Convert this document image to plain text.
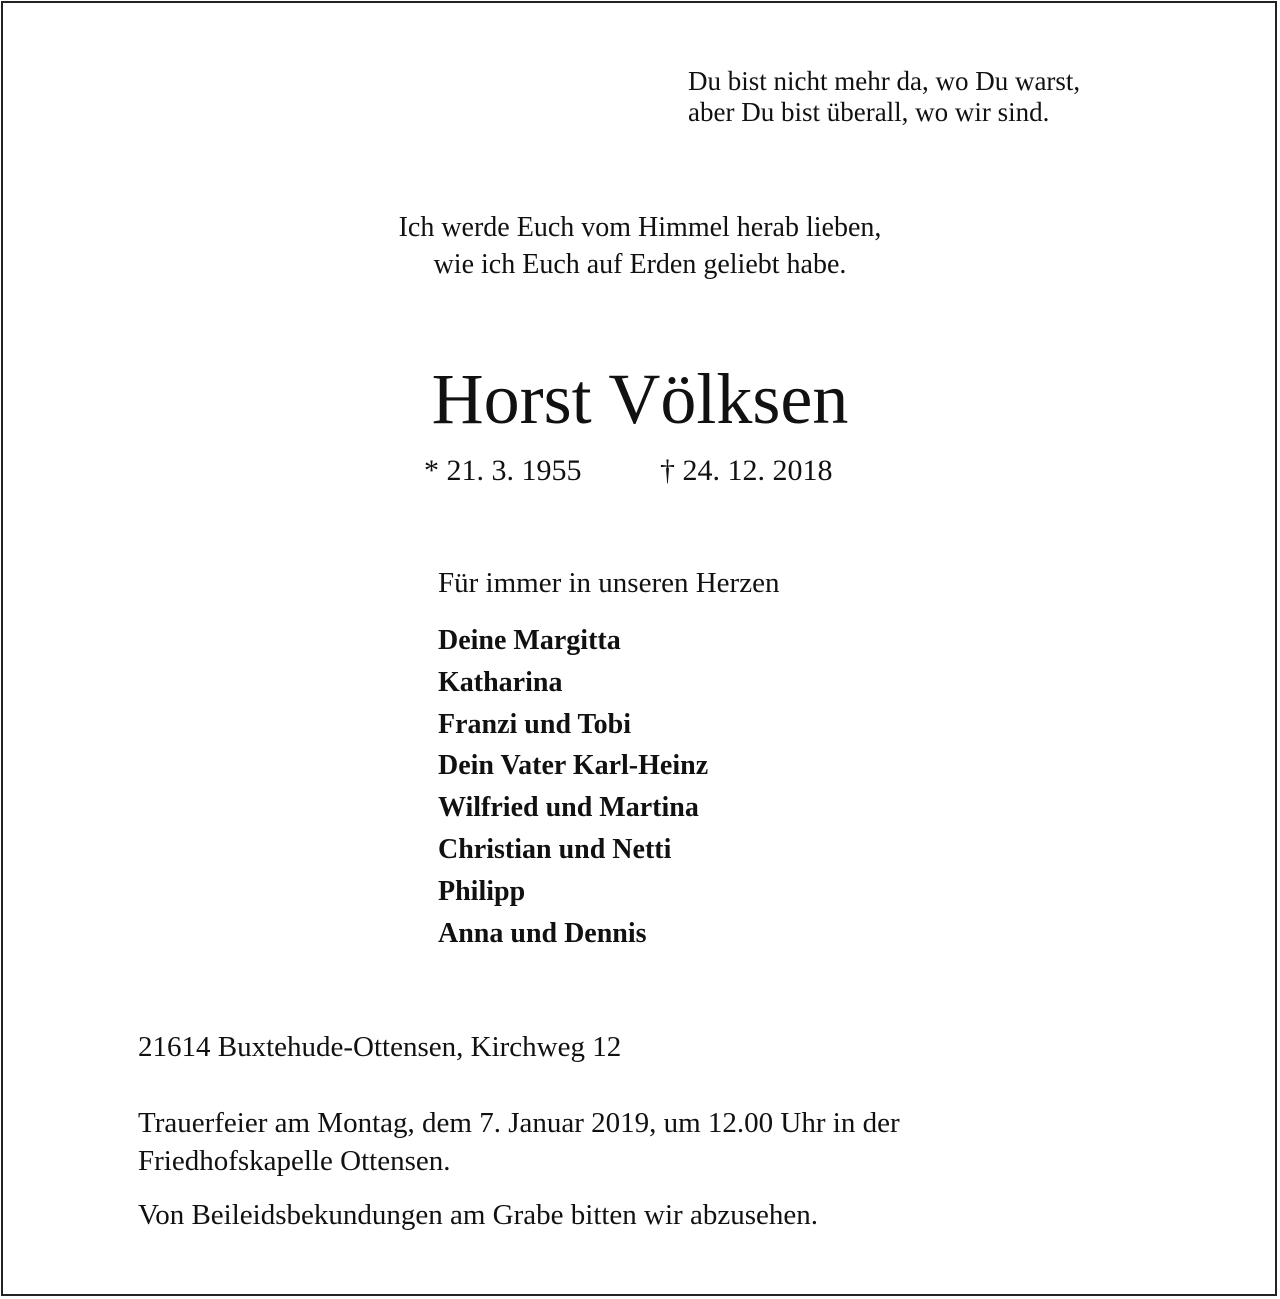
Du bist nicht mehr da, wo Du warst,
aber Du bist überall, wo wir sind.
Ich werde Euch vom Himmel herab lieben,
wie ich Euch auf Erden geliebt habe.
Horst Völksen
* 21. 3. 1955	† 24. 12. 2018
Für immer in unseren Herzen
Deine Margitta
Katharina
Franzi und Tobi
Dein Vater Karl-Heinz
Wilfried und Martina
Christian und Netti
Philipp
Anna und Dennis
21614 Buxtehude-Ottensen, Kirchweg 12
Trauerfeier am Montag, dem 7. Januar 2019, um 12.00 Uhr in der
Friedhofskapelle Ottensen.
Von Beileidsbekundungen am Grabe bitten wir abzusehen.
